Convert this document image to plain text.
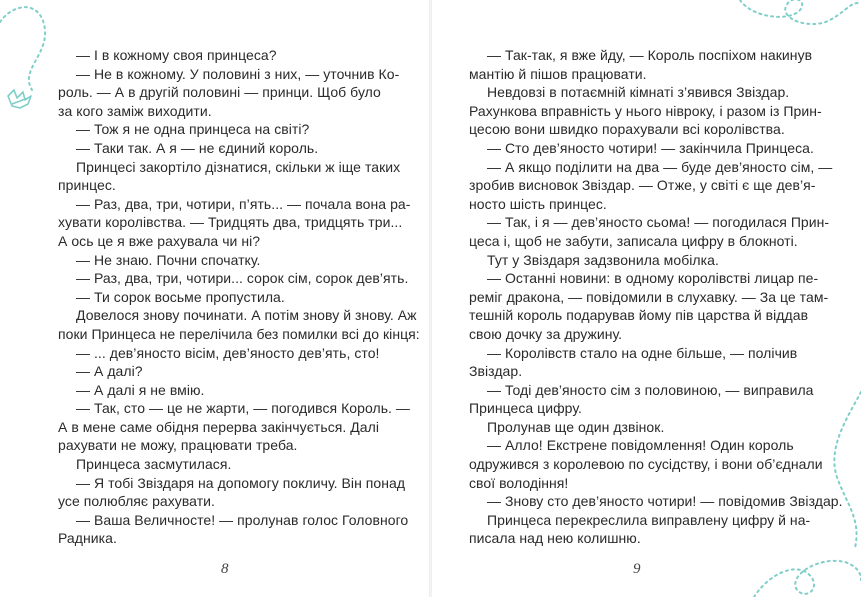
— І в кожному своя принцеса?
— Не в кожному. У половині з них, — уточнив Ко-
роль. — А в другій половині — принци. Щоб було
за кого заміж виходити.
— Тож я не одна принцеса на світі?
— Таки так. А я — не єдиний король.
Принцесі закортіло дізнатися, скільки ж іще таких
принцес.
— Раз, два, три, чотири, п’ять... — почала вона ра-
хувати королівства. — Тридцять два, тридцять три...
А ось це я вже рахувала чи ні?
— Не знаю. Почни спочатку.
— Раз, два, три, чотири... сорок сім, сорок дев’ять.
— Ти сорок восьме пропустила.
Довелося знову починати. А потім знову й знову. Аж
поки Принцеса не перелічила без помилки всі до кінця:
— ... дев’яносто вісім, дев’яносто дев’ять, сто!
— А далі?
— А далі я не вмію.
— Так, сто — це не жарти, — погодився Король. —
А в мене саме обідня перерва закінчується. Далі
рахувати не можу, працювати треба.
Принцеса засмутилася.
— Я тобі Звіздаря на допомогу покличу. Він понад
усе полюбляє рахувати.
— Ваша Величносте! — пролунав голос Головного
Радника.
— Так-так, я вже йду, — Король поспіхом накинув
мантію й пішов працювати.
Невдовзі в потаємній кімнаті з’явився Звіздар.
Рахункова вправність у нього нівроку, і разом із Прин-
цесою вони швидко порахували всі королівства.
— Сто дев’яносто чотири! — закінчила Принцеса.
— А якщо поділити на два — буде дев’яносто сім, —
зробив висновок Звіздар. — Отже, у світі є ще дев’я-
носто шість принцес.
— Так, і я — дев’яносто сьома! — погодилася Прин-
цеса і, щоб не забути, записала цифру в блокноті.
Тут у Звіздаря задзвонила мобілка.
— Останні новини: в одному королівстві лицар пе-
реміг дракона, — повідомили в слухавку. — За це там-
тешній король подарував йому пів царства й віддав
свою дочку за дружину.
— Королівств стало на одне більше, — полічив
Звіздар.
— Тоді дев’яносто сім з половиною, — виправила
Принцеса цифру.
Пролунав ще один дзвінок.
— Алло! Екстрене повідомлення! Один король
одружився з королевою по сусідству, і вони об’єднали
свої володіння!
— Знову сто дев’яносто чотири! — повідомив Звіздар.
Принцеса перекреслила виправлену цифру й на-
писала над нею колишню.
8	9
